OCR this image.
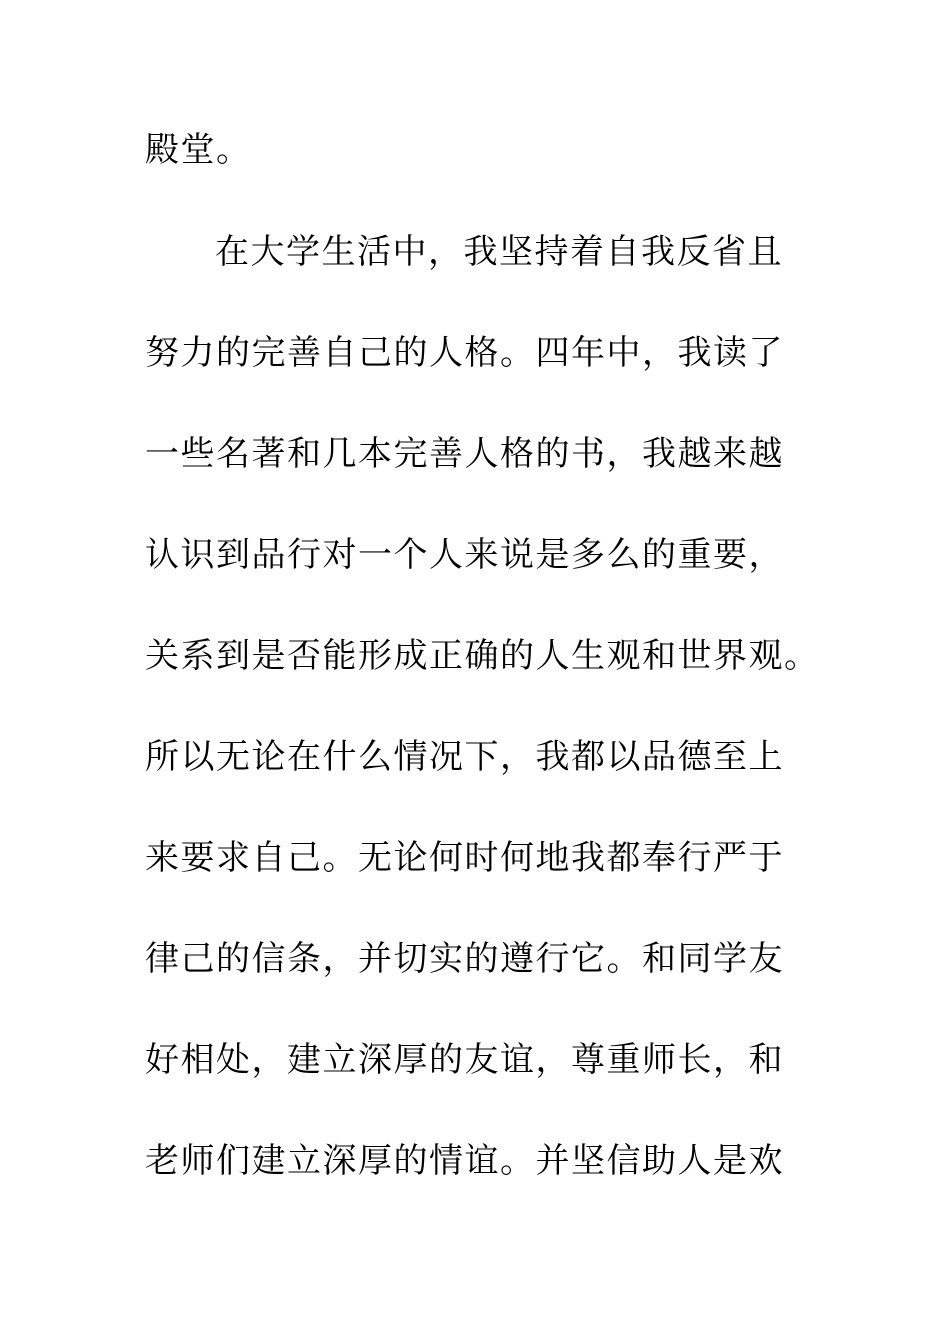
殿堂。
在大学生活中，我坚持着自我反省且
努力的完善自己的人格。四年中，我读了
一些名著和几本完善人格的书，我越来越
认识到品行对一个人来说是多么的重要，
关系到是否能形成正确的人生观和世界观。
所以无论在什么情况下，我都以品德至上
来要求自己。无论何时何地我都奉行严于
律己的信条，并切实的遵行它。和同学友
好相处，建立深厚的友谊，尊重师长，和
老师们建立深厚的情谊。并坚信助人是欢
